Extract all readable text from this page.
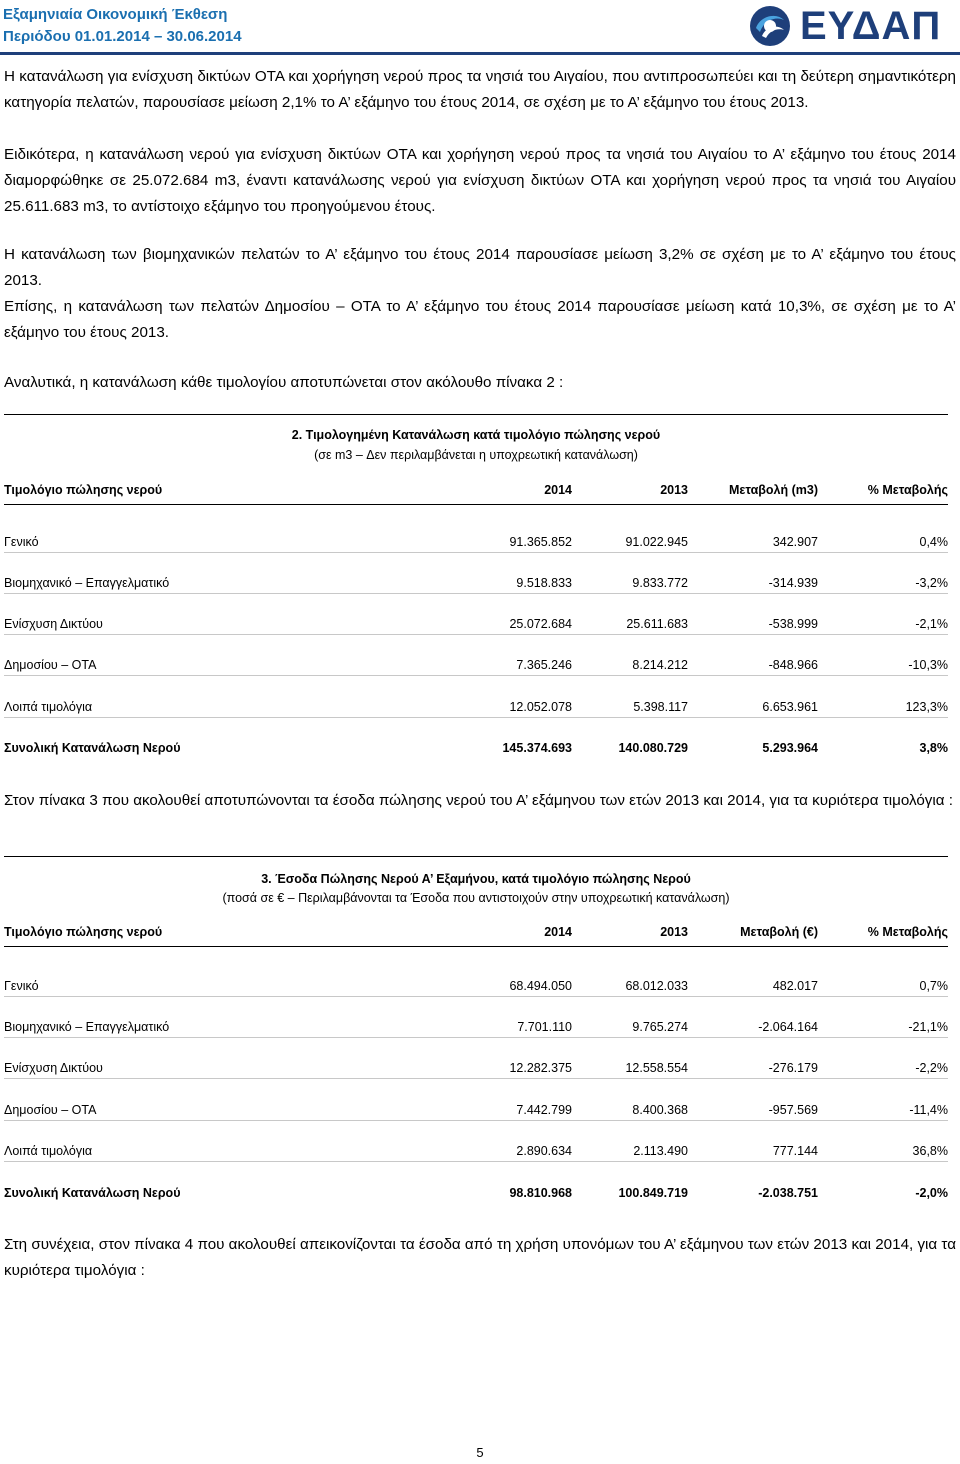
Εξαμηνιαία Οικονομική Έκθεση
Περιόδου 01.01.2014 – 30.06.2014	ΕΥΔΑΠ
Η κατανάλωση για ενίσχυση δικτύων ΟΤΑ και χορήγηση νερού προς τα νησιά του Αιγαίου, που αντιπροσωπεύει και τη δεύτερη σημαντικότερη κατηγορία πελατών, παρουσίασε μείωση 2,1% το Α’ εξάμηνο του έτους 2014, σε σχέση με το Α’ εξάμηνο του έτους 2013.
Ειδικότερα, η κατανάλωση νερού για ενίσχυση δικτύων ΟΤΑ και χορήγηση νερού προς τα νησιά του Αιγαίου το Α’ εξάμηνο του έτους 2014 διαμορφώθηκε σε 25.072.684 m3, έναντι κατανάλωσης νερού για ενίσχυση δικτύων ΟΤΑ και χορήγηση νερού προς τα νησιά του Αιγαίου 25.611.683 m3, το αντίστοιχο εξάμηνο του προηγούμενου έτους.
Η κατανάλωση των βιομηχανικών πελατών το Α’ εξάμηνο του έτους 2014 παρουσίασε μείωση 3,2% σε σχέση με το Α’ εξάμηνο του έτους 2013.
Επίσης, η κατανάλωση των πελατών Δημοσίου – ΟΤΑ το Α’ εξάμηνο του έτους 2014 παρουσίασε μείωση κατά 10,3%, σε σχέση με το Α’ εξάμηνο του έτους 2013.
Αναλυτικά, η κατανάλωση κάθε τιμολογίου αποτυπώνεται στον ακόλουθο πίνακα 2 :
2. Τιμολογημένη Κατανάλωση κατά τιμολόγιο πώλησης νερού
(σε m3 – Δεν περιλαμβάνεται η υποχρεωτική κατανάλωση)
Τιμολόγιο πώλησης νερού	2014	2013	Μεταβολή (m3)	% Μεταβολής
Γενικό	91.365.852	91.022.945	342.907	0,4%
Βιομηχανικό – Επαγγελματικό	9.518.833	9.833.772	-314.939	-3,2%
Ενίσχυση Δικτύου	25.072.684	25.611.683	-538.999	-2,1%
Δημοσίου – ΟΤΑ	7.365.246	8.214.212	-848.966	-10,3%
Λοιπά τιμολόγια	12.052.078	5.398.117	6.653.961	123,3%
Συνολική Κατανάλωση Νερού	145.374.693	140.080.729	5.293.964	3,8%
Στον πίνακα 3 που ακολουθεί αποτυπώνονται τα έσοδα πώλησης νερού του Α’ εξάμηνου των ετών 2013 και 2014, για τα κυριότερα τιμολόγια :
3. Έσοδα Πώλησης Νερού Α’ Εξαμήνου, κατά τιμολόγιο πώλησης Νερού
(ποσά σε € – Περιλαμβάνονται τα Έσοδα που αντιστοιχούν στην υποχρεωτική κατανάλωση)
Τιμολόγιο πώλησης νερού	2014	2013	Μεταβολή (€)	% Μεταβολής
Γενικό	68.494.050	68.012.033	482.017	0,7%
Βιομηχανικό – Επαγγελματικό	7.701.110	9.765.274	-2.064.164	-21,1%
Ενίσχυση Δικτύου	12.282.375	12.558.554	-276.179	-2,2%
Δημοσίου – ΟΤΑ	7.442.799	8.400.368	-957.569	-11,4%
Λοιπά τιμολόγια	2.890.634	2.113.490	777.144	36,8%
Συνολική Κατανάλωση Νερού	98.810.968	100.849.719	-2.038.751	-2,0%
Στη συνέχεια, στον πίνακα 4 που ακολουθεί απεικονίζονται τα έσοδα από τη χρήση υπονόμων του Α’ εξάμηνου των ετών 2013 και 2014, για τα κυριότερα τιμολόγια :
5
